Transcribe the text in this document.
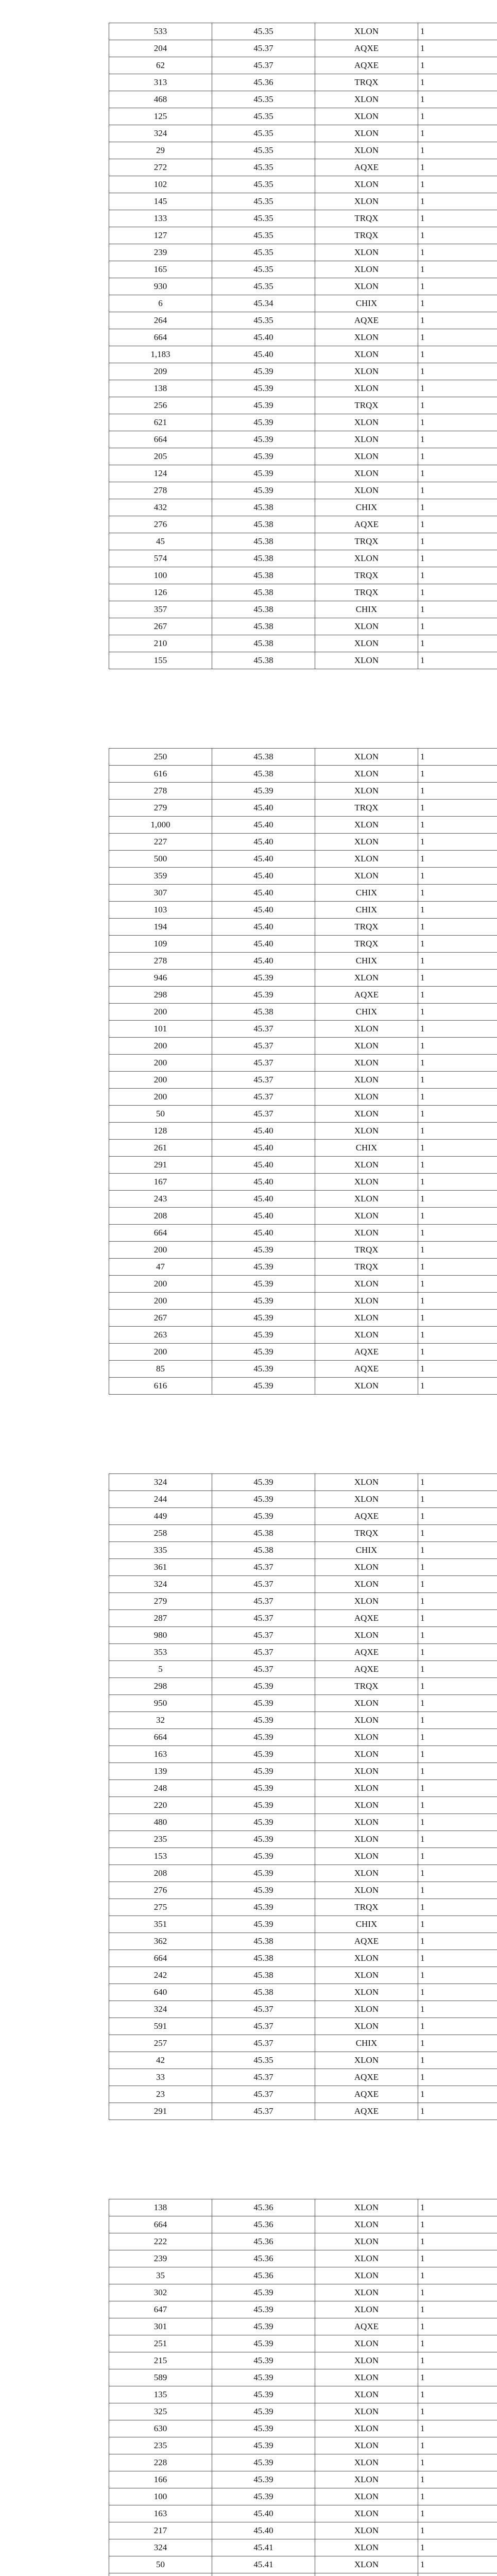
533	45.35	XLON	1
204	45.37	AQXE	1
62	45.37	AQXE	1
313	45.36	TRQX	1
468	45.35	XLON	1
125	45.35	XLON	1
324	45.35	XLON	1
29	45.35	XLON	1
272	45.35	AQXE	1
102	45.35	XLON	1
145	45.35	XLON	1
133	45.35	TRQX	1
127	45.35	TRQX	1
239	45.35	XLON	1
165	45.35	XLON	1
930	45.35	XLON	1
6	45.34	CHIX	1
264	45.35	AQXE	1
664	45.40	XLON	1
1,183	45.40	XLON	1
209	45.39	XLON	1
138	45.39	XLON	1
256	45.39	TRQX	1
621	45.39	XLON	1
664	45.39	XLON	1
205	45.39	XLON	1
124	45.39	XLON	1
278	45.39	XLON	1
432	45.38	CHIX	1
276	45.38	AQXE	1
45	45.38	TRQX	1
574	45.38	XLON	1
100	45.38	TRQX	1
126	45.38	TRQX	1
357	45.38	CHIX	1
267	45.38	XLON	1
210	45.38	XLON	1
155	45.38	XLON	1
250	45.38	XLON	1
616	45.38	XLON	1
278	45.39	XLON	1
279	45.40	TRQX	1
1,000	45.40	XLON	1
227	45.40	XLON	1
500	45.40	XLON	1
359	45.40	XLON	1
307	45.40	CHIX	1
103	45.40	CHIX	1
194	45.40	TRQX	1
109	45.40	TRQX	1
278	45.40	CHIX	1
946	45.39	XLON	1
298	45.39	AQXE	1
200	45.38	CHIX	1
101	45.37	XLON	1
200	45.37	XLON	1
200	45.37	XLON	1
200	45.37	XLON	1
200	45.37	XLON	1
50	45.37	XLON	1
128	45.40	XLON	1
261	45.40	CHIX	1
291	45.40	XLON	1
167	45.40	XLON	1
243	45.40	XLON	1
208	45.40	XLON	1
664	45.40	XLON	1
200	45.39	TRQX	1
47	45.39	TRQX	1
200	45.39	XLON	1
200	45.39	XLON	1
267	45.39	XLON	1
263	45.39	XLON	1
200	45.39	AQXE	1
85	45.39	AQXE	1
616	45.39	XLON	1
324	45.39	XLON	1
244	45.39	XLON	1
449	45.39	AQXE	1
258	45.38	TRQX	1
335	45.38	CHIX	1
361	45.37	XLON	1
324	45.37	XLON	1
279	45.37	XLON	1
287	45.37	AQXE	1
980	45.37	XLON	1
353	45.37	AQXE	1
5	45.37	AQXE	1
298	45.39	TRQX	1
950	45.39	XLON	1
32	45.39	XLON	1
664	45.39	XLON	1
163	45.39	XLON	1
139	45.39	XLON	1
248	45.39	XLON	1
220	45.39	XLON	1
480	45.39	XLON	1
235	45.39	XLON	1
153	45.39	XLON	1
208	45.39	XLON	1
276	45.39	XLON	1
275	45.39	TRQX	1
351	45.39	CHIX	1
362	45.38	AQXE	1
664	45.38	XLON	1
242	45.38	XLON	1
640	45.38	XLON	1
324	45.37	XLON	1
591	45.37	XLON	1
257	45.37	CHIX	1
42	45.35	XLON	1
33	45.37	AQXE	1
23	45.37	AQXE	1
291	45.37	AQXE	1
138	45.36	XLON	1
664	45.36	XLON	1
222	45.36	XLON	1
239	45.36	XLON	1
35	45.36	XLON	1
302	45.39	XLON	1
647	45.39	XLON	1
301	45.39	AQXE	1
251	45.39	XLON	1
215	45.39	XLON	1
589	45.39	XLON	1
135	45.39	XLON	1
325	45.39	XLON	1
630	45.39	XLON	1
235	45.39	XLON	1
228	45.39	XLON	1
166	45.39	XLON	1
100	45.39	XLON	1
163	45.40	XLON	1
217	45.40	XLON	1
324	45.41	XLON	1
50	45.41	XLON	1
